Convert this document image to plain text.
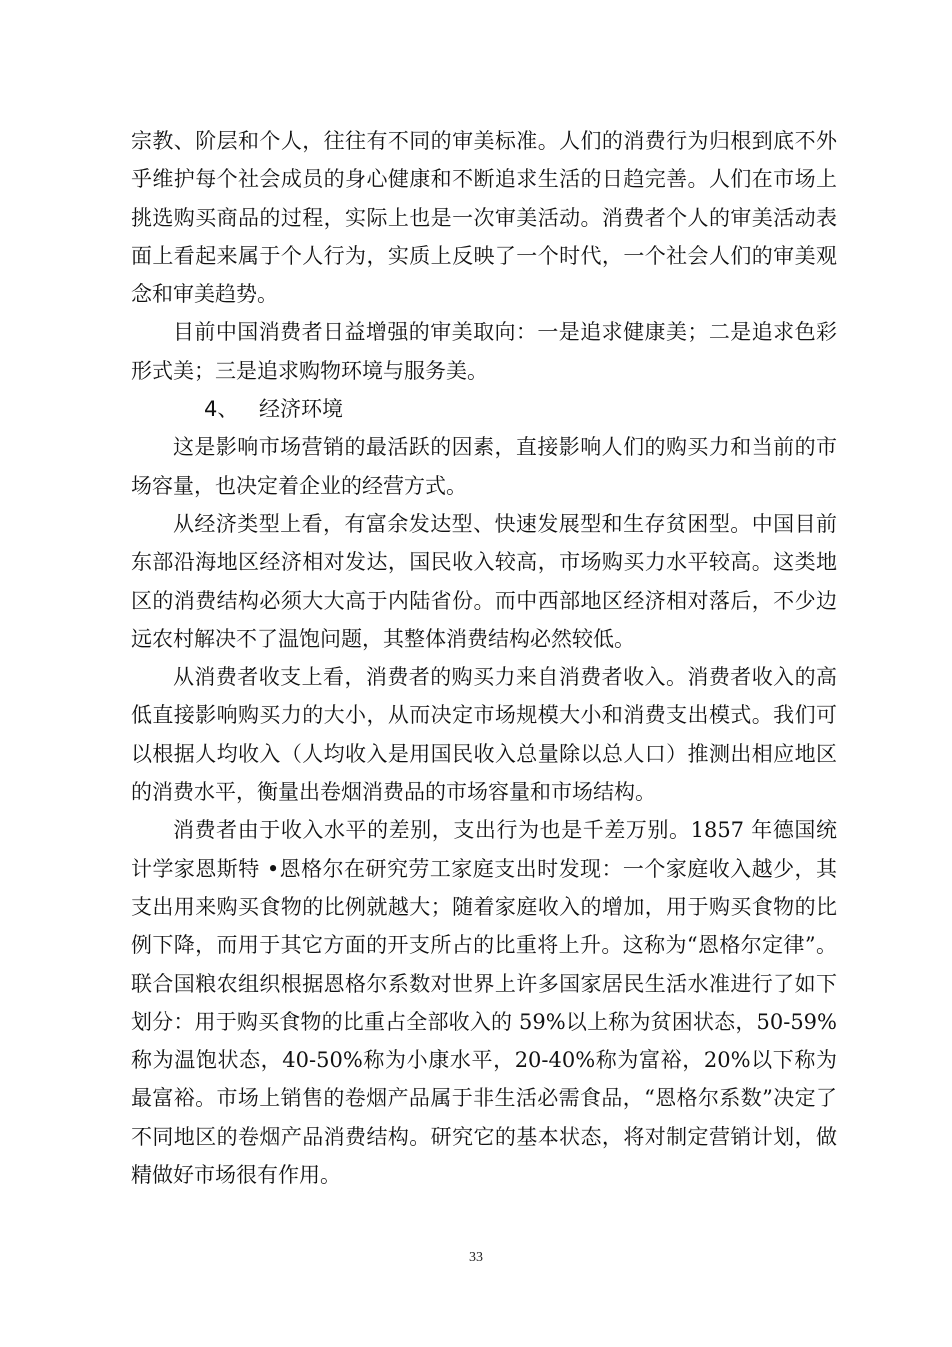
宗教、阶层和个人，往往有不同的审美标准。人们的消费行为归根到底不外乎维护每个社会成员的身心健康和不断追求生活的日趋完善。人们在市场上挑选购买商品的过程，实际上也是一次审美活动。消费者个人的审美活动表面上看起来属于个人行为，实质上反映了一个时代，一个社会人们的审美观念和审美趋势。

目前中国消费者日益增强的审美取向：一是追求健康美；二是追求色彩形式美；三是追求购物环境与服务美。

4、 经济环境

这是影响市场营销的最活跃的因素，直接影响人们的购买力和当前的市场容量，也决定着企业的经营方式。

从经济类型上看，有富余发达型、快速发展型和生存贫困型。中国目前东部沿海地区经济相对发达，国民收入较高，市场购买力水平较高。这类地区的消费结构必须大大高于内陆省份。而中西部地区经济相对落后，不少边远农村解决不了温饱问题，其整体消费结构必然较低。

从消费者收支上看，消费者的购买力来自消费者收入。消费者收入的高低直接影响购买力的大小，从而决定市场规模大小和消费支出模式。我们可以根据人均收入（人均收入是用国民收入总量除以总人口）推测出相应地区的消费水平，衡量出卷烟消费品的市场容量和市场结构。

消费者由于收入水平的差别，支出行为也是千差万别。1857 年德国统计学家恩斯特 •恩格尔在研究劳工家庭支出时发现：一个家庭收入越少，其支出用来购买食物的比例就越大；随着家庭收入的增加，用于购买食物的比例下降，而用于其它方面的开支所占的比重将上升。这称为“恩格尔定律”。联合国粮农组织根据恩格尔系数对世界上许多国家居民生活水准进行了如下划分：用于购买食物的比重占全部收入的 59%以上称为贫困状态，50-59%称为温饱状态，40-50%称为小康水平，20-40%称为富裕，20%以下称为最富裕。市场上销售的卷烟产品属于非生活必需食品，“恩格尔系数”决定了不同地区的卷烟产品消费结构。研究它的基本状态，将对制定营销计划，做精做好市场很有作用。

33
